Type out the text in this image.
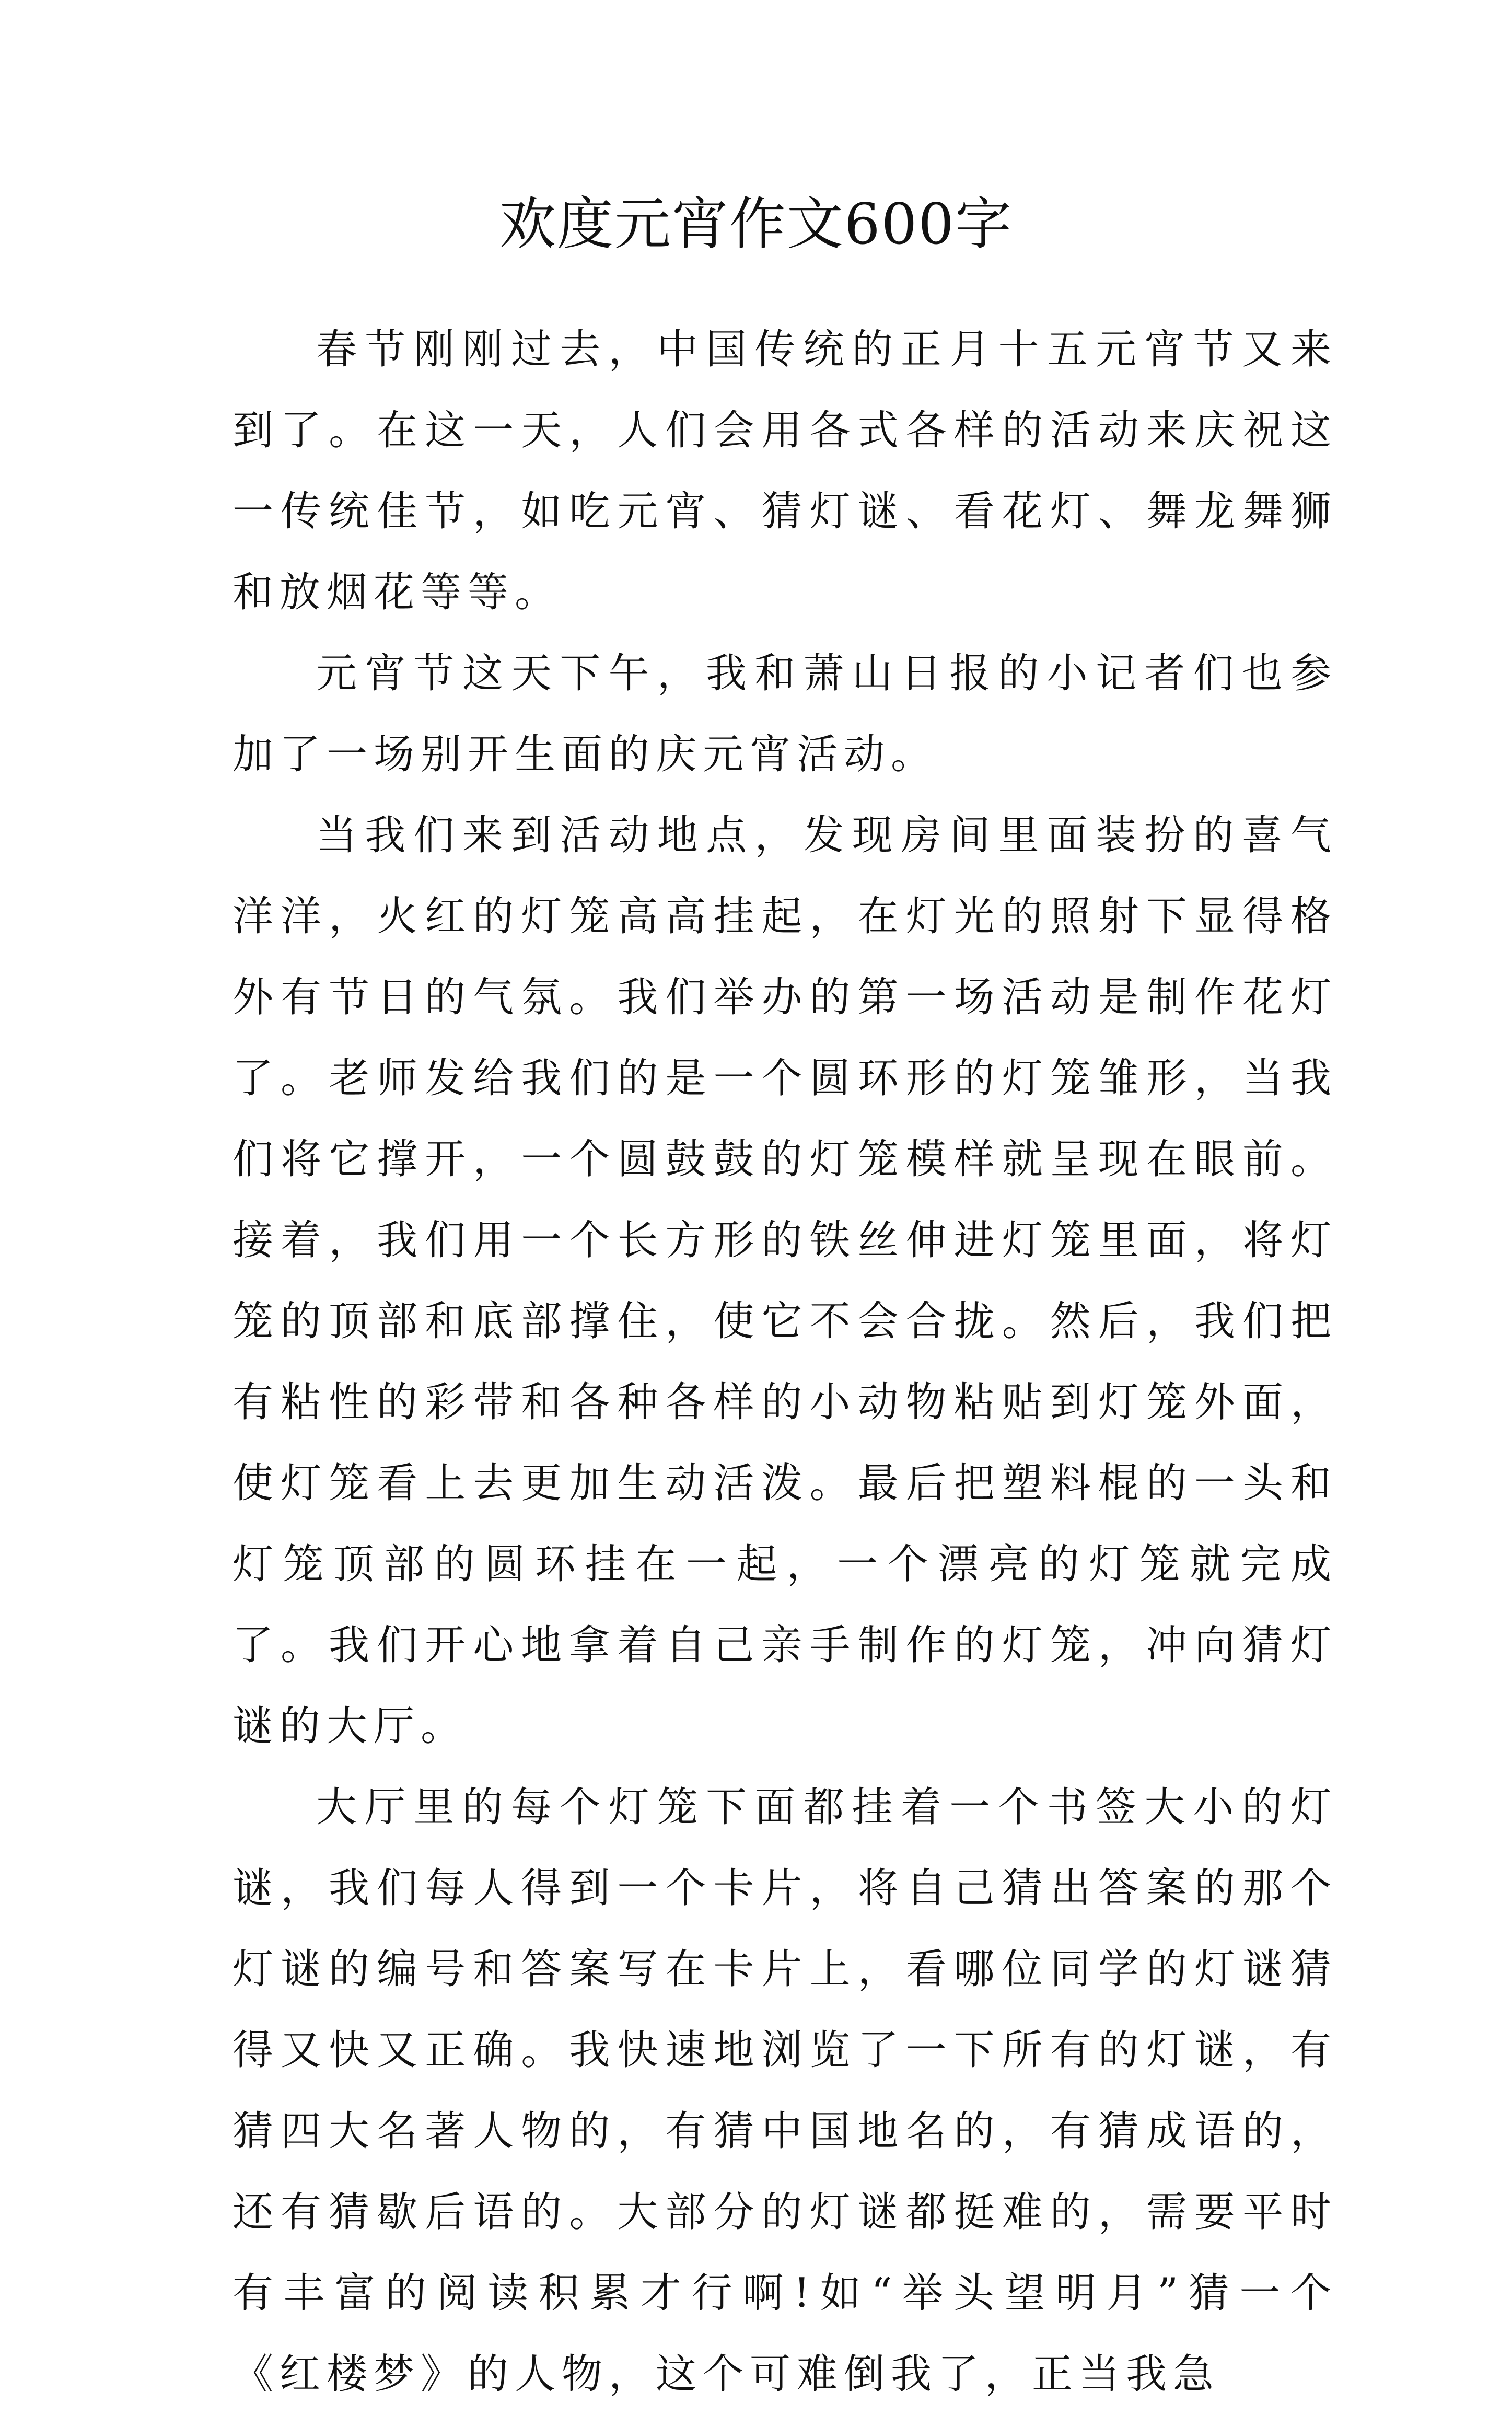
欢度元宵作文600字

春节刚刚过去，中国传统的正月十五元宵节又来到了。在这一天，人们会用各式各样的活动来庆祝这一传统佳节，如吃元宵、猜灯谜、看花灯、舞龙舞狮和放烟花等等。

元宵节这天下午，我和萧山日报的小记者们也参加了一场别开生面的庆元宵活动。

当我们来到活动地点，发现房间里面装扮的喜气洋洋，火红的灯笼高高挂起，在灯光的照射下显得格外有节日的气氛。我们举办的第一场活动是制作花灯了。老师发给我们的是一个圆环形的灯笼雏形，当我们将它撑开，一个圆鼓鼓的灯笼模样就呈现在眼前。接着，我们用一个长方形的铁丝伸进灯笼里面，将灯笼的顶部和底部撑住，使它不会合拢。然后，我们把有粘性的彩带和各种各样的小动物粘贴到灯笼外面，使灯笼看上去更加生动活泼。最后把塑料棍的一头和灯笼顶部的圆环挂在一起，一个漂亮的灯笼就完成了。我们开心地拿着自己亲手制作的灯笼，冲向猜灯谜的大厅。

大厅里的每个灯笼下面都挂着一个书签大小的灯谜，我们每人得到一个卡片，将自己猜出答案的那个灯谜的编号和答案写在卡片上，看哪位同学的灯谜猜得又快又正确。我快速地浏览了一下所有的灯谜，有猜四大名著人物的，有猜中国地名的，有猜成语的，还有猜歇后语的。大部分的灯谜都挺难的，需要平时有丰富的阅读积累才行啊!如“举头望明月”猜一个《红楼梦》的人物，这个可难倒我了，正当我急
